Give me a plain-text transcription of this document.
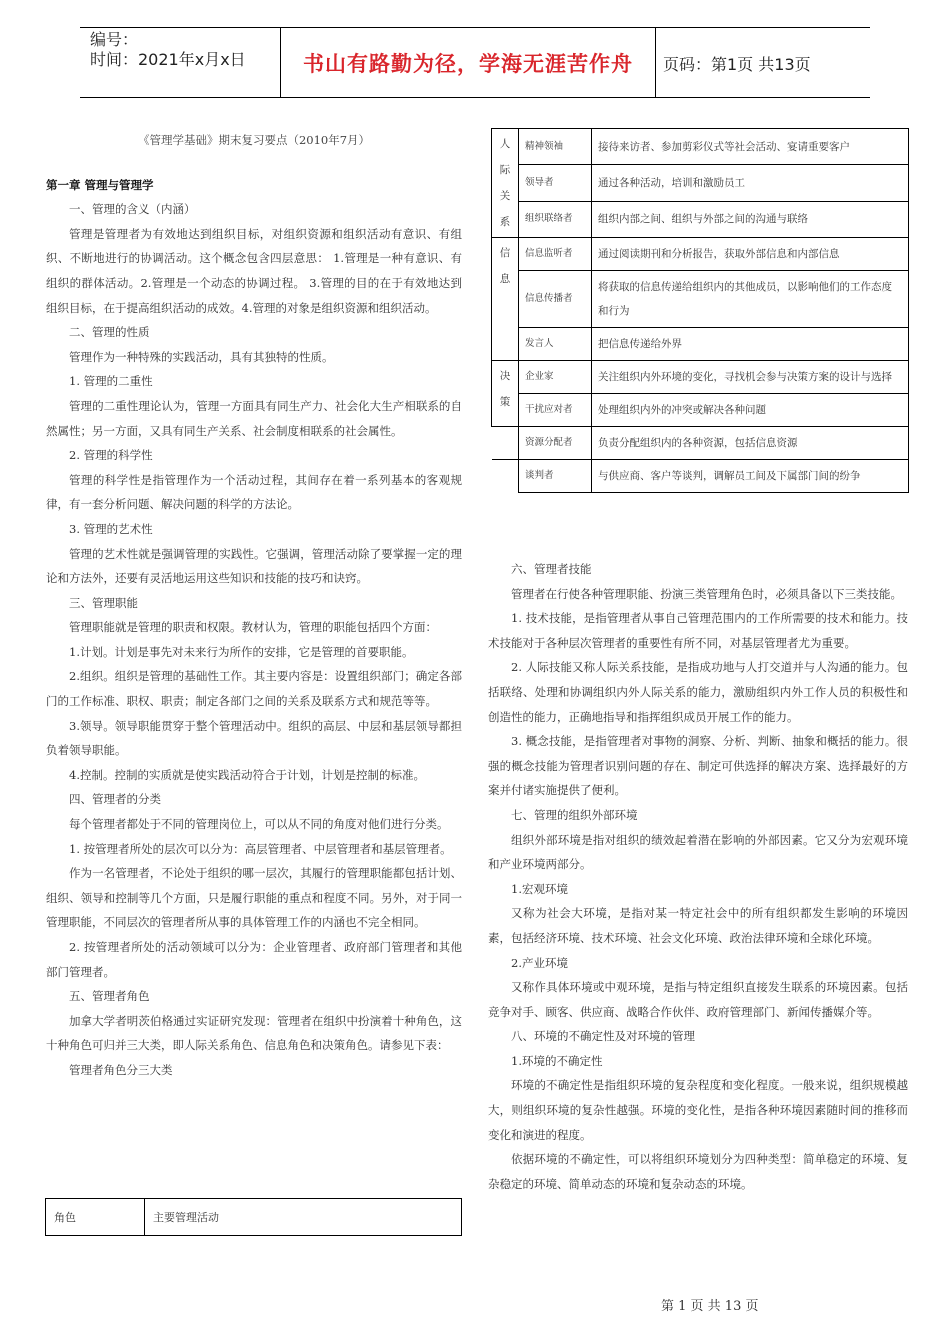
编号：
时间：2021年x月x日	书山有路勤为径，学海无涯苦作舟	页码：第1页 共13页

《管理学基础》期末复习要点（2010年7月）

第一章 管理与管理学

一、管理的含义（内涵）

管理是管理者为有效地达到组织目标，对组织资源和组织活动有意识、有组织、不断地进行的协调活动。这个概念包含四层意思： 1.管理是一种有意识、有组织的群体活动。2.管理是一个动态的协调过程。 3.管理的目的在于有效地达到组织目标，在于提高组织活动的成效。4.管理的对象是组织资源和组织活动。

二、管理的性质

管理作为一种特殊的实践活动，具有其独特的性质。

1. 管理的二重性

管理的二重性理论认为，管理一方面具有同生产力、社会化大生产相联系的自然属性；另一方面，又具有同生产关系、社会制度相联系的社会属性。

2. 管理的科学性

管理的科学性是指管理作为一个活动过程，其间存在着一系列基本的客观规律，有一套分析问题、解决问题的科学的方法论。

3. 管理的艺术性

管理的艺术性就是强调管理的实践性。它强调，管理活动除了要掌握一定的理论和方法外，还要有灵活地运用这些知识和技能的技巧和诀窍。

三、管理职能

管理职能就是管理的职责和权限。教材认为，管理的职能包括四个方面：

1.计划。计划是事先对未来行为所作的安排，它是管理的首要职能。

2.组织。组织是管理的基础性工作。其主要内容是：设置组织部门；确定各部门的工作标准、职权、职责；制定各部门之间的关系及联系方式和规范等等。

3.领导。领导职能贯穿于整个管理活动中。组织的高层、中层和基层领导都担负着领导职能。

4.控制。控制的实质就是使实践活动符合于计划，计划是控制的标准。

四、管理者的分类

每个管理者都处于不同的管理岗位上，可以从不同的角度对他们进行分类。

1. 按管理者所处的层次可以分为：高层管理者、中层管理者和基层管理者。

作为一名管理者，不论处于组织的哪一层次，其履行的管理职能都包括计划、组织、领导和控制等几个方面，只是履行职能的重点和程度不同。另外，对于同一管理职能，不同层次的管理者所从事的具体管理工作的内涵也不完全相同。

2. 按管理者所处的活动领域可以分为：企业管理者、政府部门管理者和其他部门管理者。

五、管理者角色

加拿大学者明茨伯格通过实证研究发现：管理者在组织中扮演着十种角色，这十种角色可归并三大类，即人际关系角色、信息角色和决策角色。请参见下表：

管理者角色分三大类

角色	主要管理活动
人际关系	精神领袖	接待来访者、参加剪彩仪式等社会活动、宴请重要客户
	领导者	通过各种活动，培训和激励员工
	组织联络者	组织内部之间、组织与外部之间的沟通与联络
信息	信息监听者	通过阅读期刊和分析报告，获取外部信息和内部信息
	信息传播者	将获取的信息传递给组织内的其他成员，以影响他们的工作态度和行为
	发言人	把信息传递给外界
决策	企业家	关注组织内外环境的变化，寻找机会参与决策方案的设计与选择
	干扰应对者	处理组织内外的冲突或解决各种问题
	资源分配者	负责分配组织内的各种资源，包括信息资源
	谈判者	与供应商、客户等谈判，调解员工间及下属部门间的纷争

六、管理者技能

管理者在行使各种管理职能、扮演三类管理角色时，必须具备以下三类技能。

1. 技术技能，是指管理者从事自己管理范围内的工作所需要的技术和能力。技术技能对于各种层次管理者的重要性有所不同，对基层管理者尤为重要。

2. 人际技能又称人际关系技能，是指成功地与人打交道并与人沟通的能力。包括联络、处理和协调组织内外人际关系的能力，激励组织内外工作人员的积极性和创造性的能力，正确地指导和指挥组织成员开展工作的能力。

3. 概念技能，是指管理者对事物的洞察、分析、判断、抽象和概括的能力。很强的概念技能为管理者识别问题的存在、制定可供选择的解决方案、选择最好的方案并付诸实施提供了便利。

七、管理的组织外部环境

组织外部环境是指对组织的绩效起着潜在影响的外部因素。它又分为宏观环境和产业环境两部分。

1.宏观环境

又称为社会大环境，是指对某一特定社会中的所有组织都发生影响的环境因素，包括经济环境、技术环境、社会文化环境、政治法律环境和全球化环境。

2.产业环境

又称作具体环境或中观环境，是指与特定组织直接发生联系的环境因素。包括竞争对手、顾客、供应商、战略合作伙伴、政府管理部门、新闻传播媒介等。

八、环境的不确定性及对环境的管理

1.环境的不确定性

环境的不确定性是指组织环境的复杂程度和变化程度。一般来说，组织规模越大，则组织环境的复杂性越强。环境的变化性，是指各种环境因素随时间的推移而变化和演进的程度。

依据环境的不确定性，可以将组织环境划分为四种类型：简单稳定的环境、复杂稳定的环境、简单动态的环境和复杂动态的环境。

第 1 页 共 13 页
